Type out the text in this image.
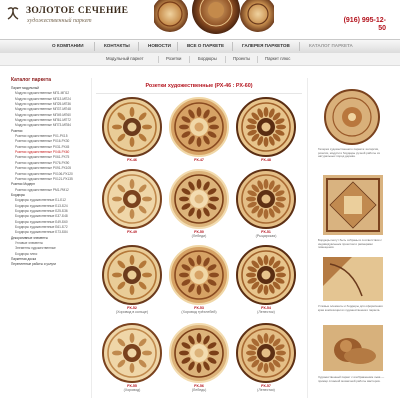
ЗОЛОТОЕ СЕЧЕНИЕ
художественный паркет	(916) 995-12-
50
О КОМПАНИИ	КОНТАКТЫ	НОВОСТИ	ВСЕ О ПАРКЕТЕ	ГАЛЕРЕЯ ПАРКЕТОВ	КАТАЛОГ ПАРКЕТА
Модульный паркет	Розетки	Бордюры	Проекты	Паркет плюс
Каталог паркета
Паркет модульный
Модули художественные МП1-МП12
Модули художественные МП13-МП24
Модули художественные МП25-МП36
Модули художественные МП37-МП48
Модули художественные МП49-МП60
Модули художественные МП61-МП72
Модули художественные МП73-МП84
Розетки
Розетки художественные РХ1-РХ15
Розетки художественные РХ16-РХ30
Розетки художественные РХ31-РХ45
Розетки художественные РХ46-РХ60
Розетки художественные РХ61-РХ75
Розетки художественные РХ76-РХ90
Розетки художественные РХ91-РХ105
Розетки художественные РХ106-РХ120
Розетки художественные РХ121-РХ135
Розетки Модерн
Розетки художественные РМ1-РМ12
Бордюры
Бордюры художественные Б1-Б12
Бордюры художественные Б13-Б24
Бордюры художественные Б25-Б36
Бордюры художественные Б37-Б48
Бордюры художественные Б49-Б60
Бордюры художественные Б61-Б72
Бордюры художественные Б73-Б84
Декоративные элементы
Угловые элементы
Элементы художественные
Бордюры плюс
Паркетная доска
Переплетные работы и услуги
Розетки художественные (РХ-46 : РХ-60)
РХ-46	РХ-47	РХ-48
РХ-49	РХ-50
(Лебеди)
РХ-51
(Рыцарская)
РХ-52
(Хоровод в кольце)
РХ-53
(Хоровод трёхлебей)
РХ-54
(Лепесток)
РХ-55
(Хоровод)
РХ-56
(Лебедь)
РХ-57
(Лепестки)
Галерея художественного паркета: интарсия, розетки, модули и бордюры ручной работы из натуральных пород дерева.
Бордюры могут быть собраны в соответствии с индивидуальным проектом и размерами помещения.
Угловые элементы и бордюры для оформления края композиции из художественного паркета.
Художественный паркет с изображением льва — пример сложной мозаичной работы мастеров.
